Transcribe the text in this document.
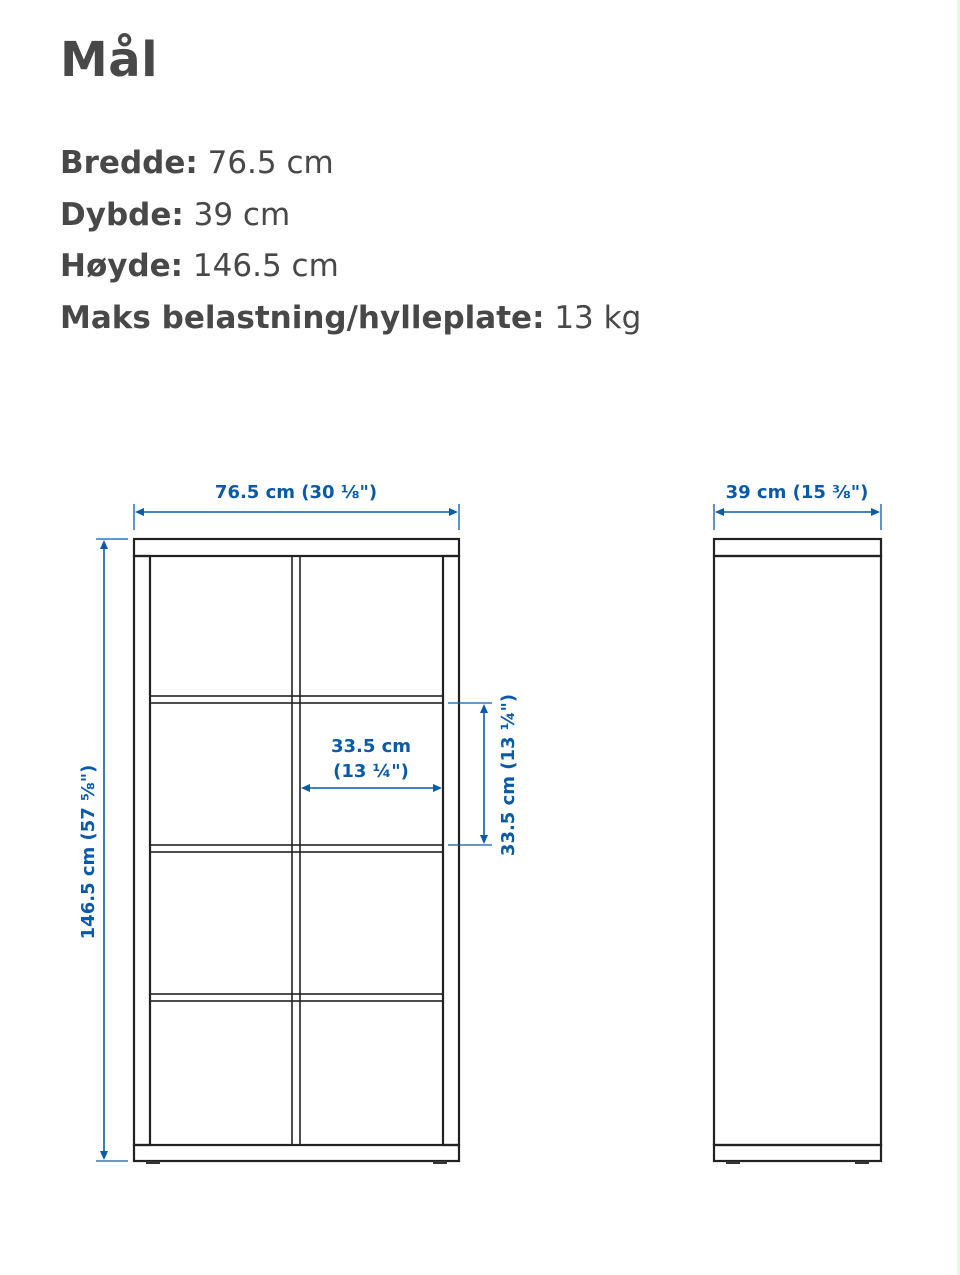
Mål
Bredde: 76.5 cm
Dybde: 39 cm
Høyde: 146.5 cm
Maks belastning/hylleplate: 13 kg
76.5 cm (30 ⅛")	39 cm (15 ⅜")
146.5 cm (57 ⅝")
33.5 cm
(13 ¼")	33.5 cm (13 ¼")
